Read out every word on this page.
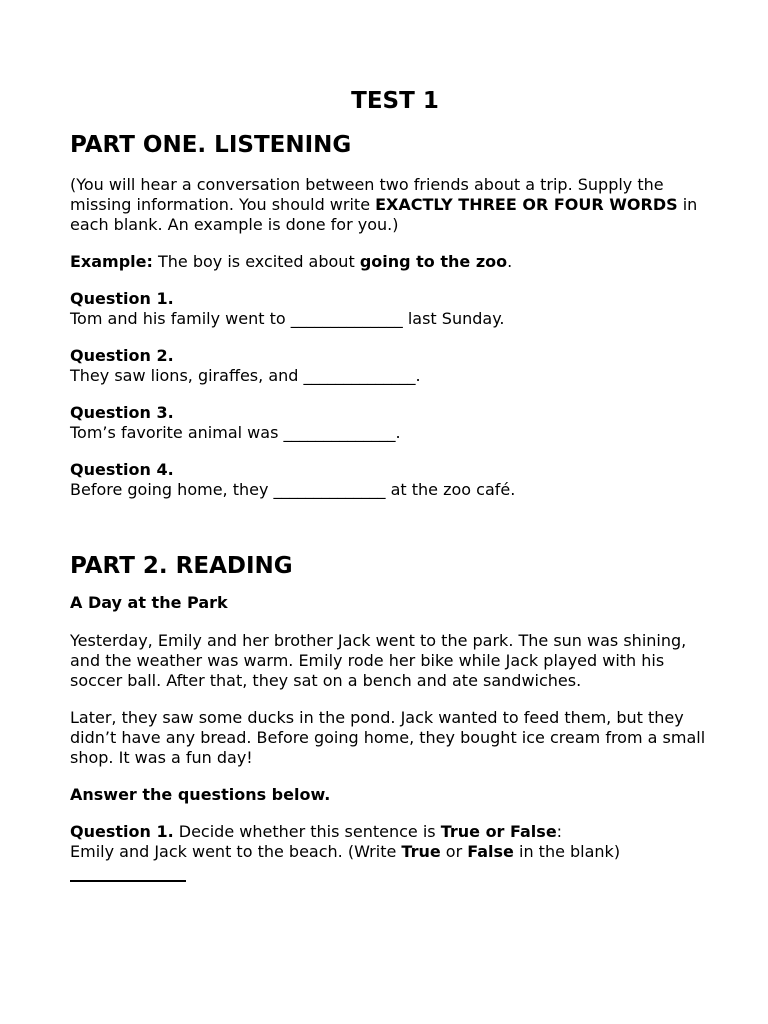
TEST 1
PART ONE. LISTENING

(You will hear a conversation between two friends about a trip. Supply the missing information. You should write EXACTLY THREE OR FOUR WORDS in each blank. An example is done for you.)

Example: The boy is excited about going to the zoo.

Question 1.
Tom and his family went to ______________ last Sunday.
Question 2.
They saw lions, giraffes, and ______________.
Question 3.
Tom’s favorite animal was ______________.
Question 4.
Before going home, they ______________ at the zoo café.
PART 2. READING

A Day at the Park

Yesterday, Emily and her brother Jack went to the park. The sun was shining, and the weather was warm. Emily rode her bike while Jack played with his soccer ball. After that, they sat on a bench and ate sandwiches.

Later, they saw some ducks in the pond. Jack wanted to feed them, but they didn’t have any bread. Before going home, they bought ice cream from a small shop. It was a fun day!

Answer the questions below.

Question 1. Decide whether this sentence is True or False:
Emily and Jack went to the beach. (Write True or False in the blank)
